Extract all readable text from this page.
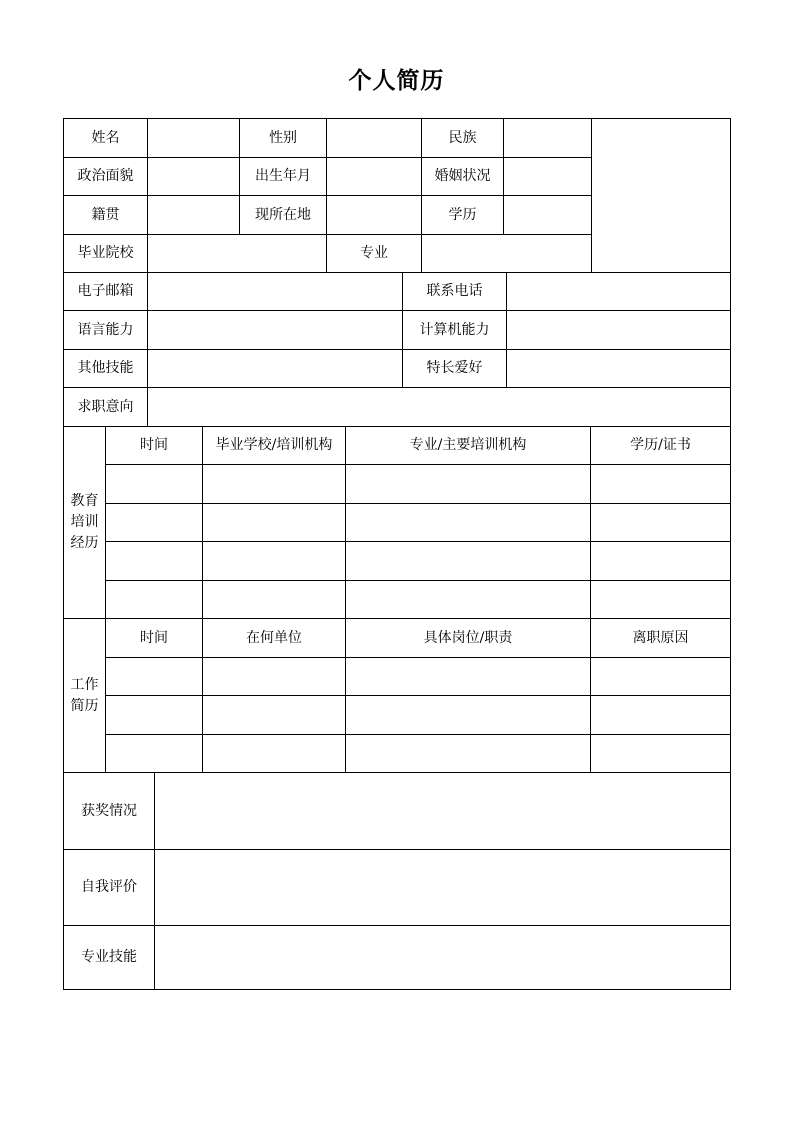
个人简历
姓名	性别	民族
政治面貌	出生年月	婚姻状况
籍贯	现所在地	学历
毕业院校	专业
电子邮箱	联系电话
语言能力	计算机能力
其他技能	特长爱好
求职意向
教育
培训
经历
时间	毕业学校/培训机构	专业/主要培训机构	学历/证书
工作
简历
时间	在何单位	具体岗位/职责	离职原因
获奖情况
自我评价
专业技能
